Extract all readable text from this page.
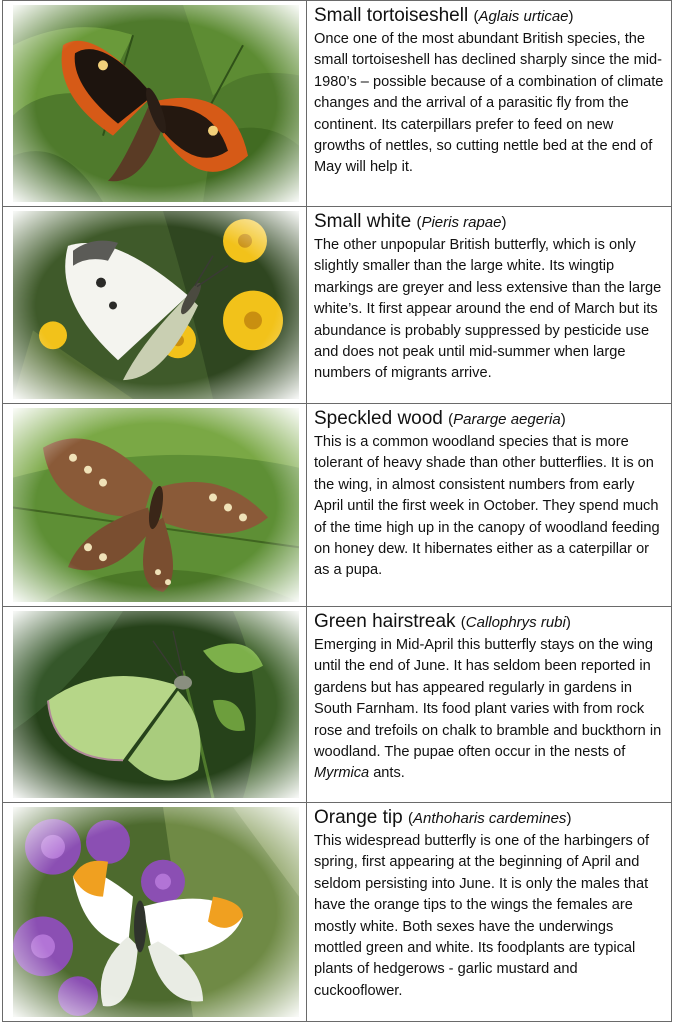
Small tortoiseshell (Aglais urticae)
Once one of the most abundant British species, the small tortoiseshell has declined sharply since the mid-1980’s – possible because of a combination of climate changes and the arrival of a parasitic fly from the continent. Its caterpillars prefer to feed on new growths of nettles, so cutting nettle bed at the end of May will help it.
Small white (Pieris rapae)
The other unpopular British butterfly, which is only slightly smaller than the large white. Its wingtip markings are greyer and less extensive than the large white’s. It first appear around the end of March but its abundance is probably suppressed by pesticide use and does not peak until mid-summer when large numbers of migrants arrive.
Speckled wood (Pararge aegeria)
This is a common woodland species that is more tolerant of heavy shade than other butterflies. It is on the wing, in almost consistent numbers from early April until the first week in October. They spend much of the time high up in the canopy of woodland feeding on honey dew. It hibernates either as a caterpillar or as a pupa.
Green hairstreak (Callophrys rubi)
Emerging in Mid-April this butterfly stays on the wing until the end of June. It has seldom been reported in gardens but has appeared regularly in gardens in South Farnham. Its food plant varies with from rock rose and trefoils on chalk to bramble and buckthorn in woodland. The pupae often occur in the nests of Myrmica ants.
Orange tip (Anthoharis cardemines)
This widespread butterfly is one of the harbingers of spring, first appearing at the beginning of April and seldom persisting into June. It is only the males that have the orange tips to the wings the females are mostly white. Both sexes have the underwings mottled green and white. Its foodplants are typical plants of hedgerows - garlic mustard and cuckooflower.
